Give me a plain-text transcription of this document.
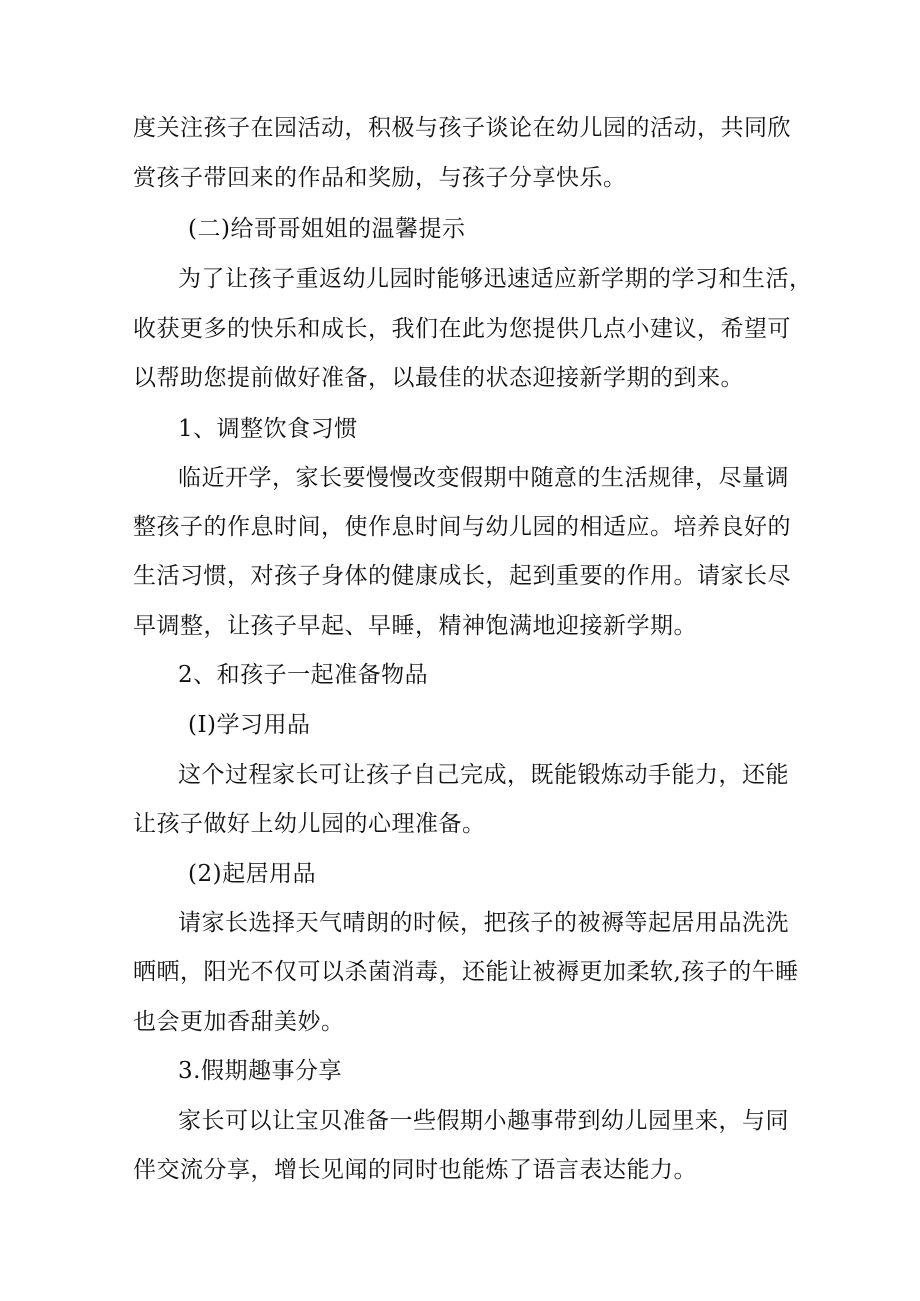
度关注孩子在园活动，积极与孩子谈论在幼儿园的活动，共同欣
赏孩子带回来的作品和奖励，与孩子分享快乐。
(二)给哥哥姐姐的温馨提示
为了让孩子重返幼儿园时能够迅速适应新学期的学习和生活，
收获更多的快乐和成长，我们在此为您提供几点小建议，希望可
以帮助您提前做好准备，以最佳的状态迎接新学期的到来。
1、调整饮食习惯
临近开学，家长要慢慢改变假期中随意的生活规律，尽量调
整孩子的作息时间，使作息时间与幼儿园的相适应。培养良好的
生活习惯，对孩子身体的健康成长，起到重要的作用。请家长尽
早调整，让孩子早起、早睡，精神饱满地迎接新学期。
2、和孩子一起准备物品
(I)学习用品
这个过程家长可让孩子自己完成，既能锻炼动手能力，还能
让孩子做好上幼儿园的心理准备。
(2)起居用品
请家长选择天气晴朗的时候，把孩子的被褥等起居用品洗洗
晒晒，阳光不仅可以杀菌消毒，还能让被褥更加柔软,孩子的午睡
也会更加香甜美妙。
3.假期趣事分享
家长可以让宝贝准备一些假期小趣事带到幼儿园里来，与同
伴交流分享，增长见闻的同时也能炼了语言表达能力。
